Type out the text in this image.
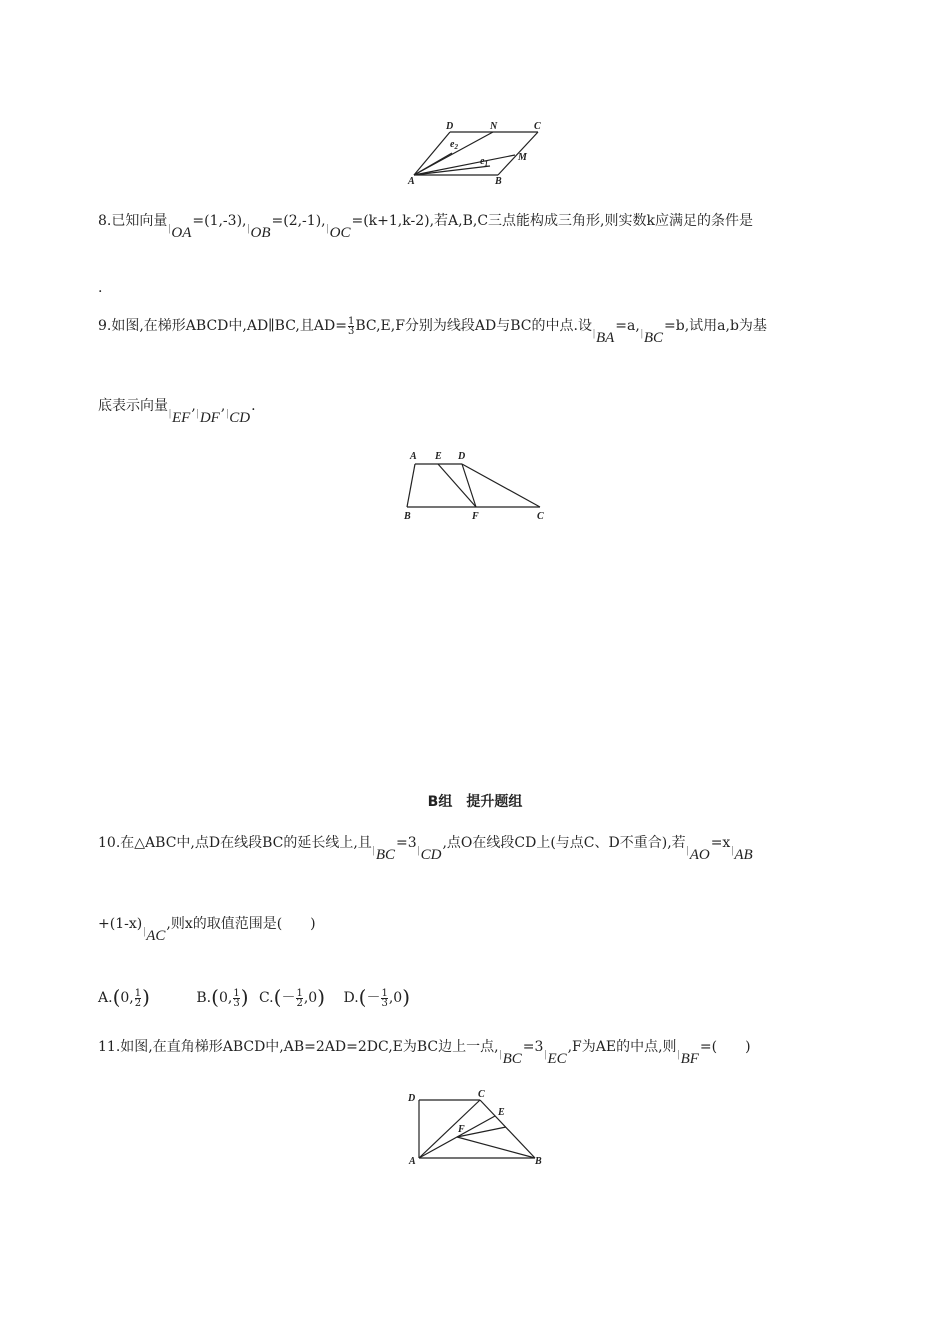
D	N	C
$e_2$
$e_1$
M
A	B
8.已知向量|OA=(1,-3),|OB=(2,-1),|OC=(k+1,k-2),若A,B,C三点能构成三角形,则实数k应满足的条件是
.
9.如图,在梯形ABCD中,AD∥BC,且$AD= \frac{1}{3} BC,E,F$分别为线段AD与BC的中点.设|BA=a,|BC=b,试用a,b为基
底表示向量|EF,|DF,|CD.
A E D
B	F	C
B组　提升题组
10.在△ABC中,点D在线段BC的延长线上,且|BC=3|CD,点O在线段CD上(与点C、D不重合),若|AO=x|AB
+(1-x)|AC,则x的取值范围是(　　)
A.(0, $\frac{1}{2}$ )	B.(0, $\frac{1}{3}$ ) $C.(- \frac{1}{2} ,0)$ $D.(- \frac{1}{3} ,0)$
11.如图,在直角梯形ABCD中,AB=2AD=2DC,E为BC边上一点,|BC=3|EC,F为AE的中点,则|BF=(　　)
D	C
E
F
A	B
